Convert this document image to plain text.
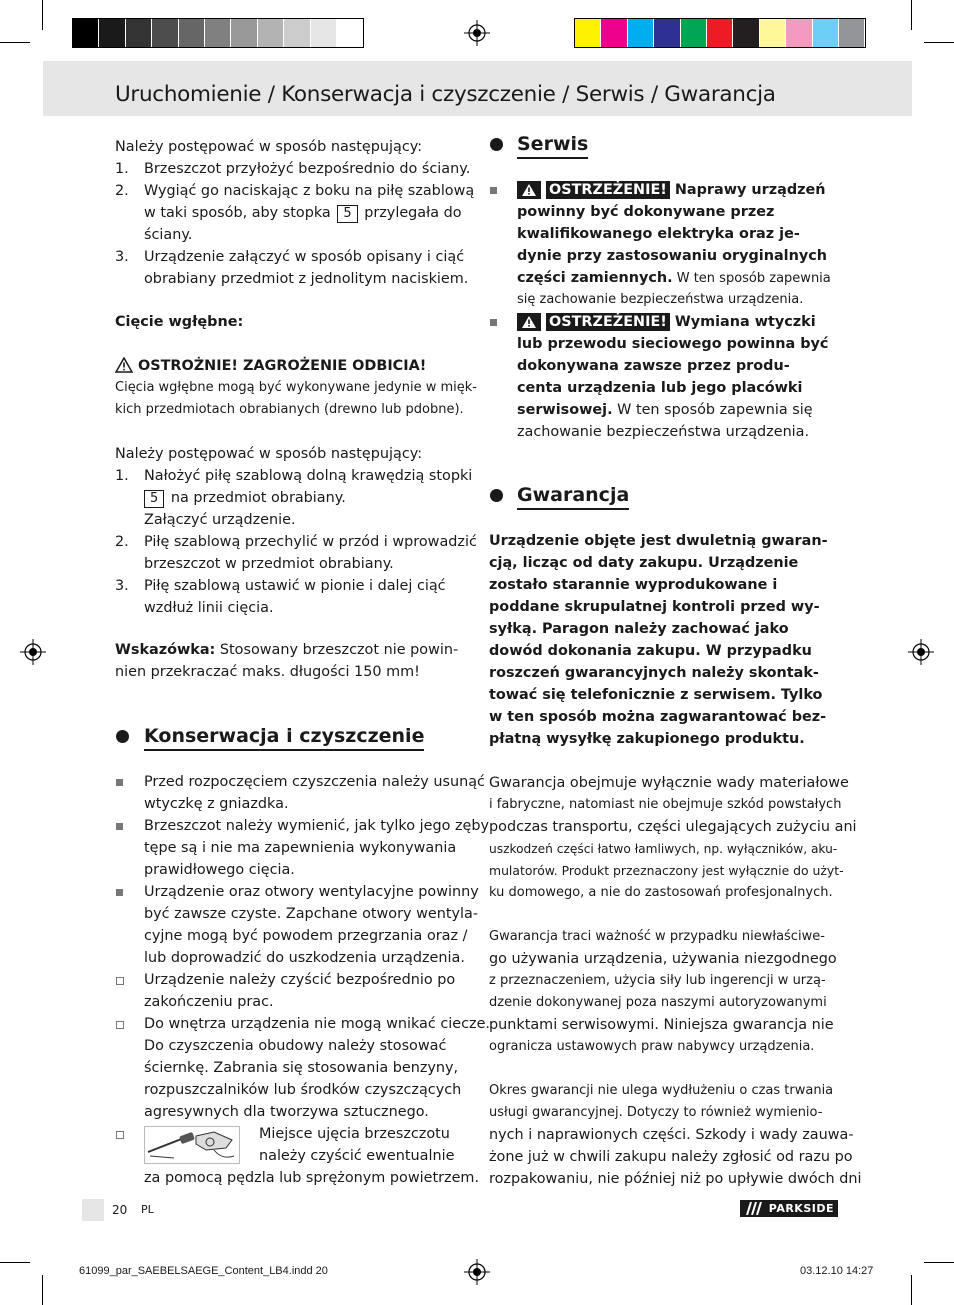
Uruchomienie / Konserwacja i czyszczenie / Serwis / Gwarancja
Należy postępować w sposób następujący:
1. Brzeszczot przyłożyć bezpośrednio do ściany.
2. Wygiąć go naciskając z boku na piłę szablową
w taki sposób, aby stopka 5 przylegała do
ściany.
3. Urządzenie załączyć w sposób opisany i ciąć
obrabiany przedmiot z jednolitym naciskiem.
Cięcie wgłębne:
OSTROŻNIE! ZAGROŻENIE ODBICIA!
Cięcia wgłębne mogą być wykonywane jedynie w mięk-
kich przedmiotach obrabianych (drewno lub pdobne).
Należy postępować w sposób następujący:
1. Nałożyć piłę szablową dolną krawędzią stopki
5 na przedmiot obrabiany.
Załączyć urządzenie.
2. Piłę szablową przechylić w przód i wprowadzić
brzeszczot w przedmiot obrabiany.
3. Piłę szablową ustawić w pionie i dalej ciąć
wzdłuż linii cięcia.
Wskazówka: Stosowany brzeszczot nie powin-
nien przekraczać maks. długości 150 mm!
Konserwacja i czyszczenie
Przed rozpoczęciem czyszczenia należy usunąć
wtyczkę z gniazdka.
Brzeszczot należy wymienić, jak tylko jego zęby
tępe są i nie ma zapewnienia wykonywania
prawidłowego cięcia.
Urządzenie oraz otwory wentylacyjne powinny
być zawsze czyste. Zapchane otwory wentyla-
cyjne mogą być powodem przegrzania oraz /
lub doprowadzić do uszkodzenia urządzenia.
Urządzenie należy czyścić bezpośrednio po
zakończeniu prac.
Do wnętrza urządzenia nie mogą wnikać ciecze.
Do czyszczenia obudowy należy stosować
ściernkę. Zabrania się stosowania benzyny,
rozpuszczalników lub środków czyszczących
agresywnych dla tworzywa sztucznego.
Miejsce ujęcia brzeszczotu
należy czyścić ewentualnie
za pomocą pędzla lub sprężonym powietrzem.
Serwis
OSTRZEŻENIE! Naprawy urządzeń
powinny być dokonywane przez
kwalifikowanego elektryka oraz je-
dynie przy zastosowaniu oryginalnych
części zamiennych. W ten sposób zapewnia
się zachowanie bezpieczeństwa urządzenia.
OSTRZEŻENIE! Wymiana wtyczki
lub przewodu sieciowego powinna być
dokonywana zawsze przez produ-
centa urządzenia lub jego placówki
serwisowej. W ten sposób zapewnia się
zachowanie bezpieczeństwa urządzenia.
Gwarancja
Urządzenie objęte jest dwuletnią gwaran-
cją, licząc od daty zakupu. Urządzenie
zostało starannie wyprodukowane i
poddane skrupulatnej kontroli przed wy-
syłką. Paragon należy zachować jako
dowód dokonania zakupu. W przypadku
roszczeń gwarancyjnych należy skontak-
tować się telefonicznie z serwisem. Tylko
w ten sposób można zagwarantować bez-
płatną wysyłkę zakupionego produktu.
Gwarancja obejmuje wyłącznie wady materiałowe
i fabryczne, natomiast nie obejmuje szkód powstałych
podczas transportu, części ulegających zużyciu ani
uszkodzeń części łatwo łamliwych, np. wyłączników, aku-
mulatorów. Produkt przeznaczony jest wyłącznie do użyt-
ku domowego, a nie do zastosowań profesjonalnych.
Gwarancja traci ważność w przypadku niewłaściwe-
go używania urządzenia, używania niezgodnego
z przeznaczeniem, użycia siły lub ingerencji w urzą-
dzenie dokonywanej poza naszymi autoryzowanymi
punktami serwisowymi. Niniejsza gwarancja nie
ogranicza ustawowych praw nabywcy urządzenia.
Okres gwarancji nie ulega wydłużeniu o czas trwania
usługi gwarancyjnej. Dotyczy to również wymienio-
nych i naprawionych części. Szkody i wady zauwa-
żone już w chwili zakupu należy zgłosić od razu po
rozpakowaniu, nie później niż po upływie dwóch dni
20 PL	PARKSIDE
61099_par_SAEBELSAEGE_Content_LB4.indd 20	03.12.10 14:27
